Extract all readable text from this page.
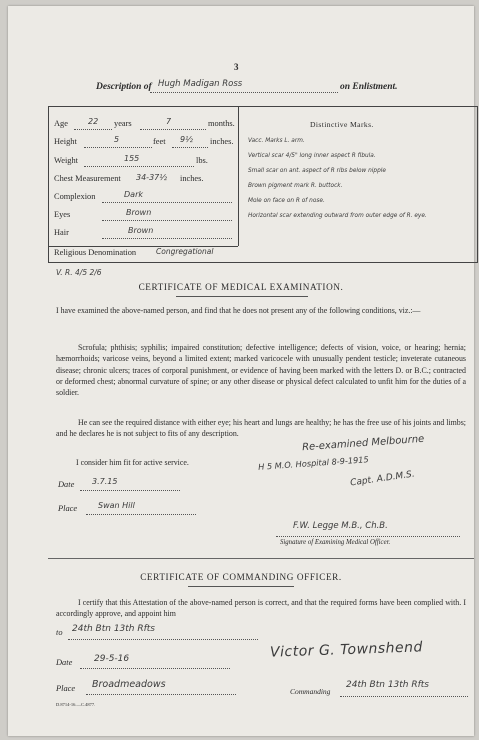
3
Description of Hugh Madigan Ross	on Enlistment.
Age	22 years	7	months.
Height	5	feet 9½ inches.
Weight	155	lbs.
Chest Measurement 34-37½ inches.
Complexion	Dark
Eyes	Brown
Hair	Brown
Religious Denomination	Congregational
Distinctive Marks.
Vacc. Marks L. arm.
Vertical scar 4/5" long inner aspect R fibula.
Small scar on ant. aspect of R ribs below nipple
Brown pigment mark R. buttock.
Mole on face on R of nose.
Horizontal scar extending outward from outer edge of R. eye.
V. R. 4/5 2/6
CERTIFICATE OF MEDICAL EXAMINATION.
I have examined the above-named person, and find that he does not present any of the following conditions, viz.:—
Scrofula; phthisis; syphilis; impaired constitution; defective intelligence; defects of vision, voice, or hearing; hernia; hæmorrhoids; varicose veins, beyond a limited extent; marked varicocele with unusually pendent testicle; inveterate cutaneous disease; chronic ulcers; traces of corporal punishment, or evidence of having been marked with the letters D. or B.C.; contracted or deformed chest; abnormal curvature of spine; or any other disease or physical defect calculated to unfit him for the duties of a soldier.
He can see the required distance with either eye; his heart and lungs are healthy; he has the free use of his joints and limbs; and he declares he is not subject to fits of any description.
I consider him fit for active service.
Re-examined Melbourne
H 5 M.O. Hospital 8-9-1915
Capt. A.D.M.S.
Date 3.7.15
Place	Swan Hill
F.W. Legge M.B., Ch.B.
Signature of Examining Medical Officer.
CERTIFICATE OF COMMANDING OFFICER.
I certify that this Attestation of the above-named person is correct, and that the required forms have been complied with. I accordingly approve, and appoint him
to 24th Btn 13th Rfts
Date 29-5-16
Place Broadmeadows
Victor G. Townshend
Commanding
24th Btn 13th Rfts
D.8714-16.—C.4877.
